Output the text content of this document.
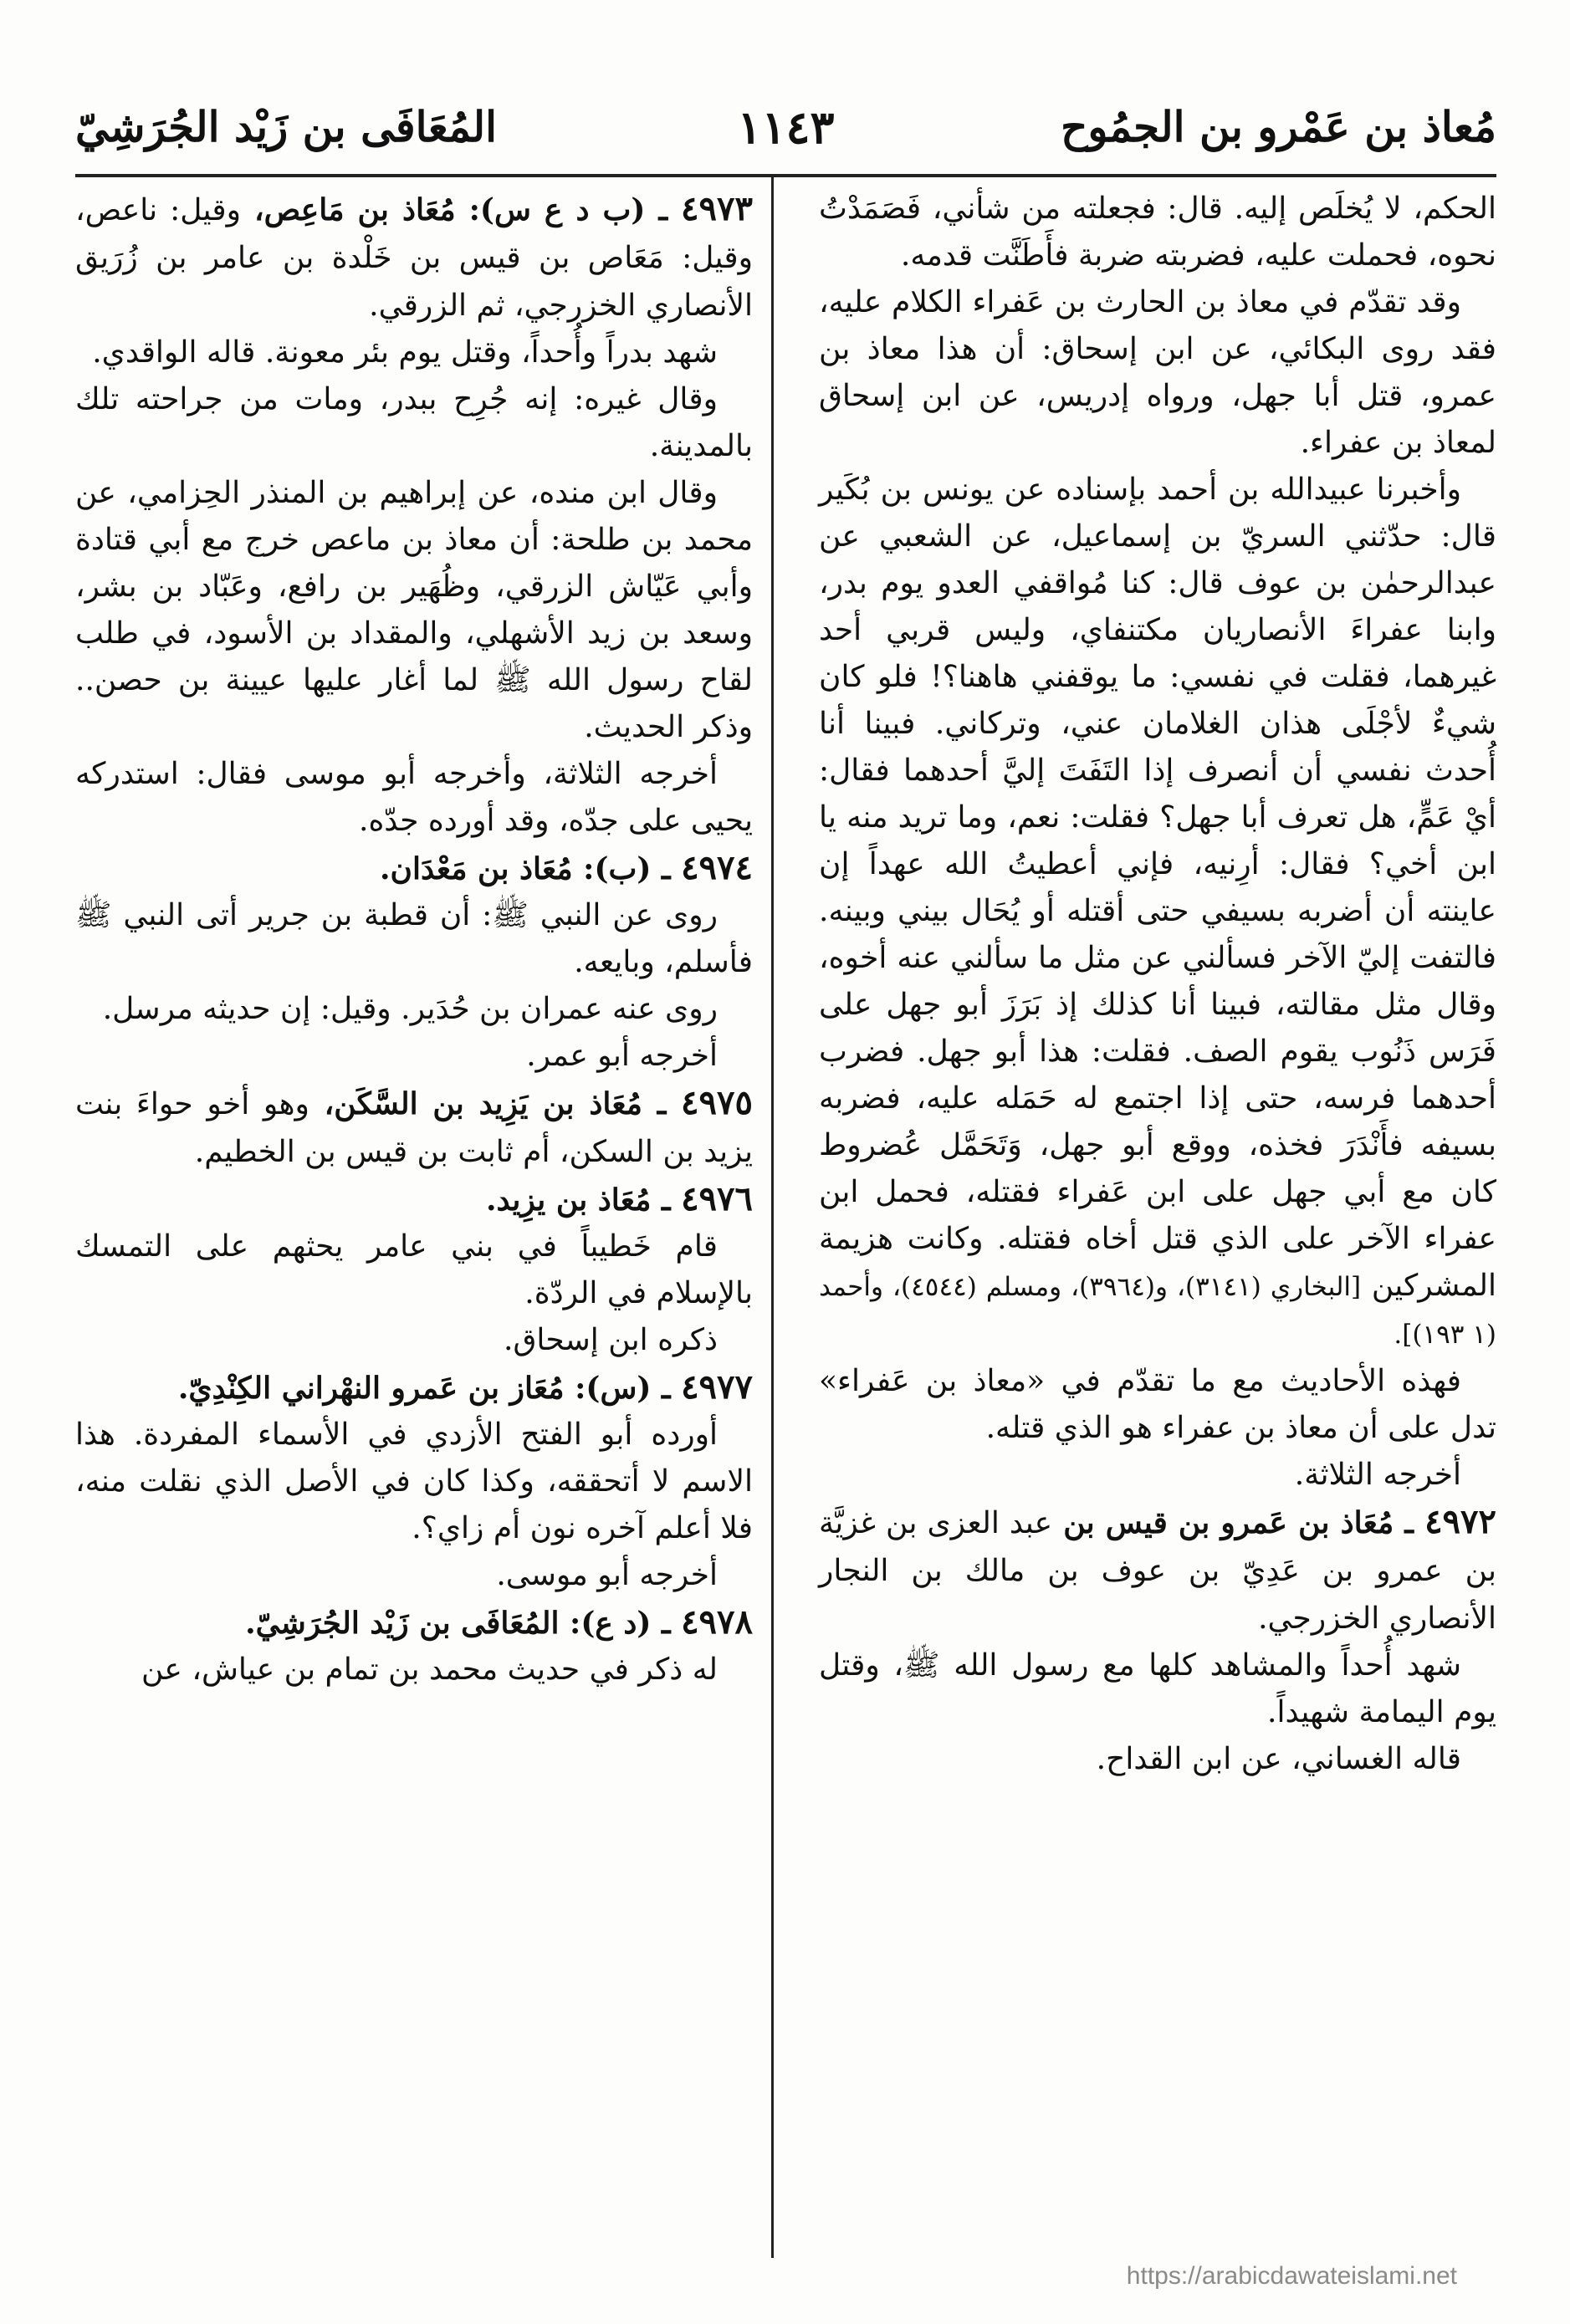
مُعاذ بن عَمْرو بن الجمُوح
١١٤٣
المُعَافَى بن زَيْد الجُرَشِيّ

الحكم، لا يُخلَص إليه. قال: فجعلته من شأني، فَصَمَدْتُ نحوه، فحملت عليه، فضربته ضربة فأَطَنَّت قدمه.

وقد تقدّم في معاذ بن الحارث بن عَفراء الكلام عليه، فقد روى البكائي، عن ابن إسحاق: أن هذا معاذ بن عمرو، قتل أبا جهل، ورواه إدريس، عن ابن إسحاق لمعاذ بن عفراء.

وأخبرنا عبيدالله بن أحمد بإسناده عن يونس بن بُكَير قال: حدّثني السريّ بن إسماعيل، عن الشعبي عن عبدالرحمٰن بن عوف قال: كنا مُواقفي العدو يوم بدر، وابنا عفراءَ الأنصاريان مكتنفاي، وليس قربي أحد غيرهما، فقلت في نفسي: ما يوقفني هاهنا؟! فلو كان شيءٌ لأجْلَى هذان الغلامان عني، وتركاني. فبينا أنا أُحدث نفسي أن أنصرف إذا التَفَتَ إليَّ أحدهما فقال: أيْ عَمٍّ، هل تعرف أبا جهل؟ فقلت: نعم، وما تريد منه يا ابن أخي؟ فقال: أرِنيه، فإني أعطيتُ الله عهداً إن عاينته أن أضربه بسيفي حتى أقتله أو يُحَال بيني وبينه. فالتفت إليّ الآخر فسألني عن مثل ما سألني عنه أخوه، وقال مثل مقالته، فبينا أنا كذلك إذ بَرَزَ أبو جهل على فَرَس ذَنُوب يقوم الصف. فقلت: هذا أبو جهل. فضرب أحدهما فرسه، حتى إذا اجتمع له حَمَله عليه، فضربه بسيفه فأَنْدَرَ فخذه، ووقع أبو جهل، وَتَحَمَّل عُضروط كان مع أبي جهل على ابن عَفراء فقتله، فحمل ابن عفراء الآخر على الذي قتل أخاه فقتله. وكانت هزيمة المشركين [البخاري (٣١٤١)، و(٣٩٦٤)، ومسلم (٤٥٤٤)، وأحمد (١ ١٩٣)].

فهذه الأحاديث مع ما تقدّم في «معاذ بن عَفراء» تدل على أن معاذ بن عفراء هو الذي قتله.

أخرجه الثلاثة.

٤٩٧٢ ـ مُعَاذ بن عَمرو بن قيس بن عبد العزى بن غزيَّة بن عمرو بن عَدِيّ بن عوف بن مالك بن النجار الأنصاري الخزرجي.

شهد أُحداً والمشاهد كلها مع رسول الله ﷺ، وقتل يوم اليمامة شهيداً.

قاله الغساني، عن ابن القداح.

٤٩٧٣ ـ (ب د ع س): مُعَاذ بن مَاعِص، وقيل: ناعص، وقيل: مَعَاص بن قيس بن خَلْدة بن عامر بن زُرَيق الأنصاري الخزرجي، ثم الزرقي.

شهد بدراً وأُحداً، وقتل يوم بئر معونة. قاله الواقدي.

وقال غيره: إنه جُرِح ببدر، ومات من جراحته تلك بالمدينة.

وقال ابن منده، عن إبراهيم بن المنذر الحِزامي، عن محمد بن طلحة: أن معاذ بن ماعص خرج مع أبي قتادة وأبي عَيّاش الزرقي، وظُهَير بن رافع، وعَبّاد بن بشر، وسعد بن زيد الأشهلي، والمقداد بن الأسود، في طلب لقاح رسول الله ﷺ لما أغار عليها عيينة بن حصن.. وذكر الحديث.

أخرجه الثلاثة، وأخرجه أبو موسى فقال: استدركه يحيى على جدّه، وقد أورده جدّه.

٤٩٧٤ ـ (ب): مُعَاذ بن مَعْدَان.

روى عن النبي ﷺ: أن قطبة بن جرير أتى النبي ﷺ فأسلم، وبايعه.

روى عنه عمران بن حُدَير. وقيل: إن حديثه مرسل.

أخرجه أبو عمر.

٤٩٧٥ ـ مُعَاذ بن يَزِيد بن السَّكَن، وهو أخو حواءَ بنت يزيد بن السكن، أم ثابت بن قيس بن الخطيم.

٤٩٧٦ ـ مُعَاذ بن يزِيد.

قام خَطيباً في بني عامر يحثهم على التمسك بالإسلام في الردّة.

ذكره ابن إسحاق.

٤٩٧٧ ـ (س): مُعَاز بن عَمرو النهْراني الكِنْدِيّ.

أورده أبو الفتح الأزدي في الأسماء المفردة. هذا الاسم لا أتحققه، وكذا كان في الأصل الذي نقلت منه، فلا أعلم آخره نون أم زاي؟.

أخرجه أبو موسى.

٤٩٧٨ ـ (د ع): المُعَافَى بن زَيْد الجُرَشِيّ.

له ذكر في حديث محمد بن تمام بن عياش، عن

https://arabicdawateislami.net
